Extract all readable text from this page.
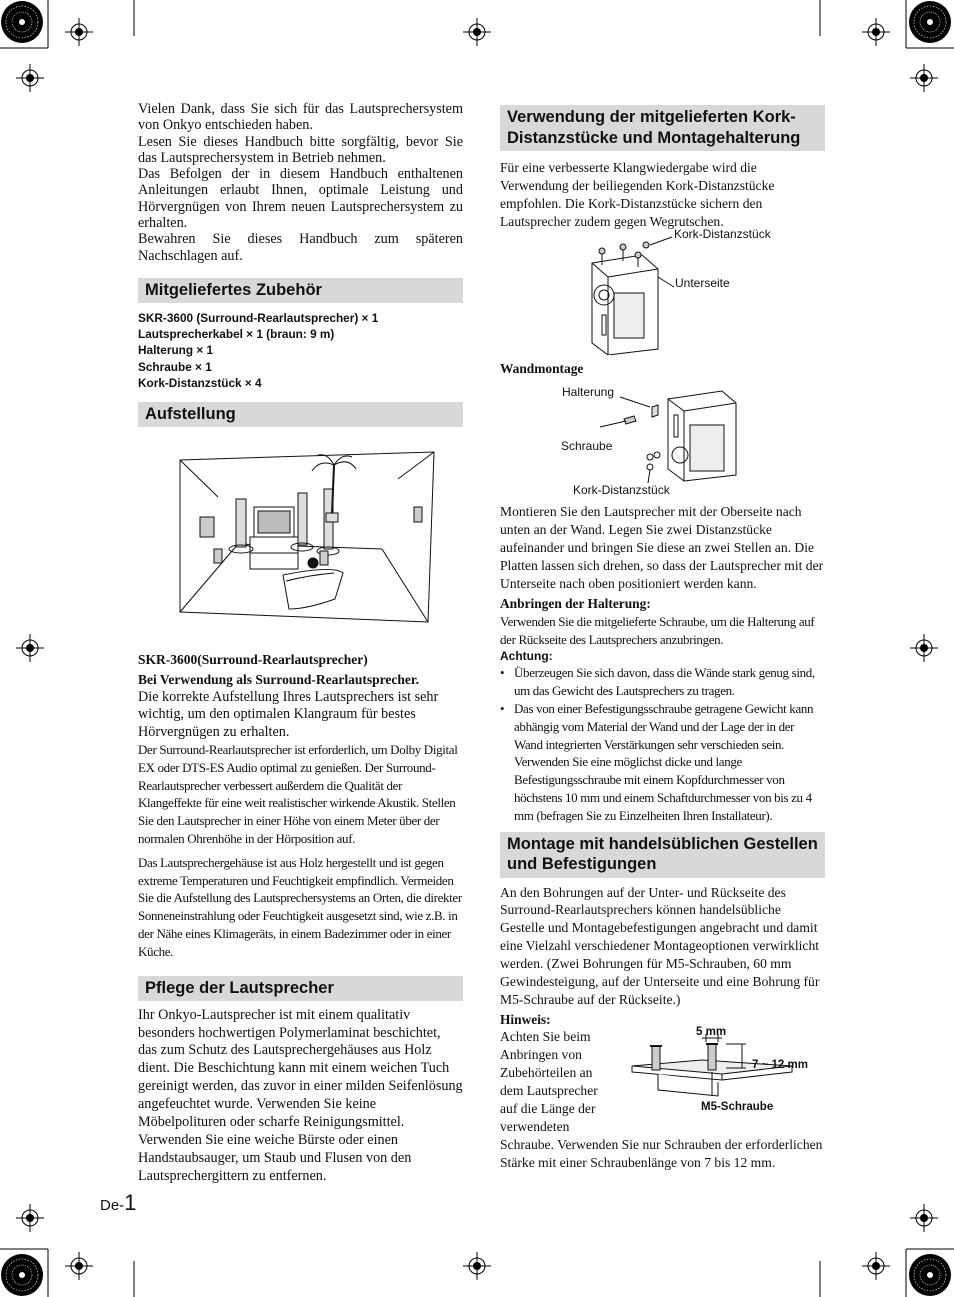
Vielen Dank, dass Sie sich für das Lautsprechersystem von Onkyo entschieden haben.

Lesen Sie dieses Handbuch bitte sorgfältig, bevor Sie das Lautsprechersystem in Betrieb nehmen.

Das Befolgen der in diesem Handbuch enthaltenen Anleitungen erlaubt Ihnen, optimale Leistung und Hörvergnügen von Ihrem neuen Lautsprechersystem zu erhalten.

Bewahren Sie dieses Handbuch zum späteren Nachschlagen auf.

Mitgeliefertes Zubehör
SKR-3600 (Surround-Rearlautsprecher) × 1
Lautsprecherkabel × 1 (braun: 9 m)
Halterung × 1
Schraube × 1
Kork-Distanzstück × 4
Aufstellung
SKR-3600(Surround-Rearlautsprecher)
Bei Verwendung als Surround-Rearlautsprecher.

Die korrekte Aufstellung Ihres Lautsprechers ist sehr wichtig, um den optimalen Klangraum für bestes Hörvergnügen zu erhalten.

Der Surround-Rearlautsprecher ist erforderlich, um Dolby Digital EX oder DTS-ES Audio optimal zu genießen. Der Surround-Rearlautsprecher verbessert außerdem die Qualität der Klangeffekte für eine weit realistischer wirkende Akustik. Stellen Sie den Lautsprecher in einer Höhe von einem Meter über der normalen Ohrenhöhe in der Hörposition auf.

Das Lautsprechergehäuse ist aus Holz hergestellt und ist gegen extreme Temperaturen und Feuchtigkeit empfindlich. Vermeiden Sie die Aufstellung des Lautsprechersystems an Orten, die direkter Sonneneinstrahlung oder Feuchtigkeit ausgesetzt sind, wie z.B. in der Nähe eines Klimageräts, in einem Badezimmer oder in einer Küche.

Pflege der Lautsprecher

Ihr Onkyo-Lautsprecher ist mit einem qualitativ besonders hochwertigen Polymerlaminat beschichtet, das zum Schutz des Lautsprechergehäuses aus Holz dient. Die Beschichtung kann mit einem weichen Tuch gereinigt werden, das zuvor in einer milden Seifenlösung angefeuchtet wurde. Verwenden Sie keine Möbelpolituren oder scharfe Reinigungsmittel. Verwenden Sie eine weiche Bürste oder einen Handstaubsauger, um Staub und Flusen von den Lautsprechergittern zu entfernen.

De-1
Verwendung der mitgelieferten Kork-Distanzstücke und Montagehalterung

Für eine verbesserte Klangwiedergabe wird die Verwendung der beiliegenden Kork-Distanzstücke empfohlen. Die Kork-Distanzstücke sichern den Lautsprecher zudem gegen Wegrutschen.

Kork-Distanzstück
Unterseite
Wandmontage
Halterung
Schraube
Kork-Distanzstück

Montieren Sie den Lautsprecher mit der Oberseite nach unten an der Wand. Legen Sie zwei Distanzstücke aufeinander und bringen Sie diese an zwei Stellen an. Die Platten lassen sich drehen, so dass der Lautsprecher mit der Unterseite nach oben positioniert werden kann.

Anbringen der Halterung:

Verwenden Sie die mitgelieferte Schraube, um die Halterung auf der Rückseite des Lautsprechers anzubringen.

Achtung:
• Überzeugen Sie sich davon, dass die Wände stark genug sind, um das Gewicht des Lautsprechers zu tragen.
• Das von einer Befestigungsschraube getragene Gewicht kann abhängig vom Material der Wand und der Lage der in der Wand integrierten Verstärkungen sehr verschieden sein. Verwenden Sie eine möglichst dicke und lange Befestigungsschraube mit einem Kopfdurchmesser von höchstens 10 mm und einem Schaftdurchmesser von bis zu 4 mm (befragen Sie zu Einzelheiten Ihren Installateur).
Montage mit handelsüblichen Gestellen und Befestigungen

An den Bohrungen auf der Unter- und Rückseite des Surround-Rearlautsprechers können handelsübliche Gestelle und Montagebefestigungen angebracht und damit eine Vielzahl verschiedener Montageoptionen verwirklicht werden. (Zwei Bohrungen für M5-Schrauben, 60 mm Gewindesteigung, auf der Unterseite und eine Bohrung für M5-Schraube auf der Rückseite.)

Hinweis:
Achten Sie beim
Anbringen von
Zubehörteilen an
dem Lautsprecher
auf die Länge der
verwendeten
5 mm
7 ~ 12 mm
M5-Schraube

Schraube. Verwenden Sie nur Schrauben der erforderlichen Stärke mit einer Schraubenlänge von 7 bis 12 mm.
